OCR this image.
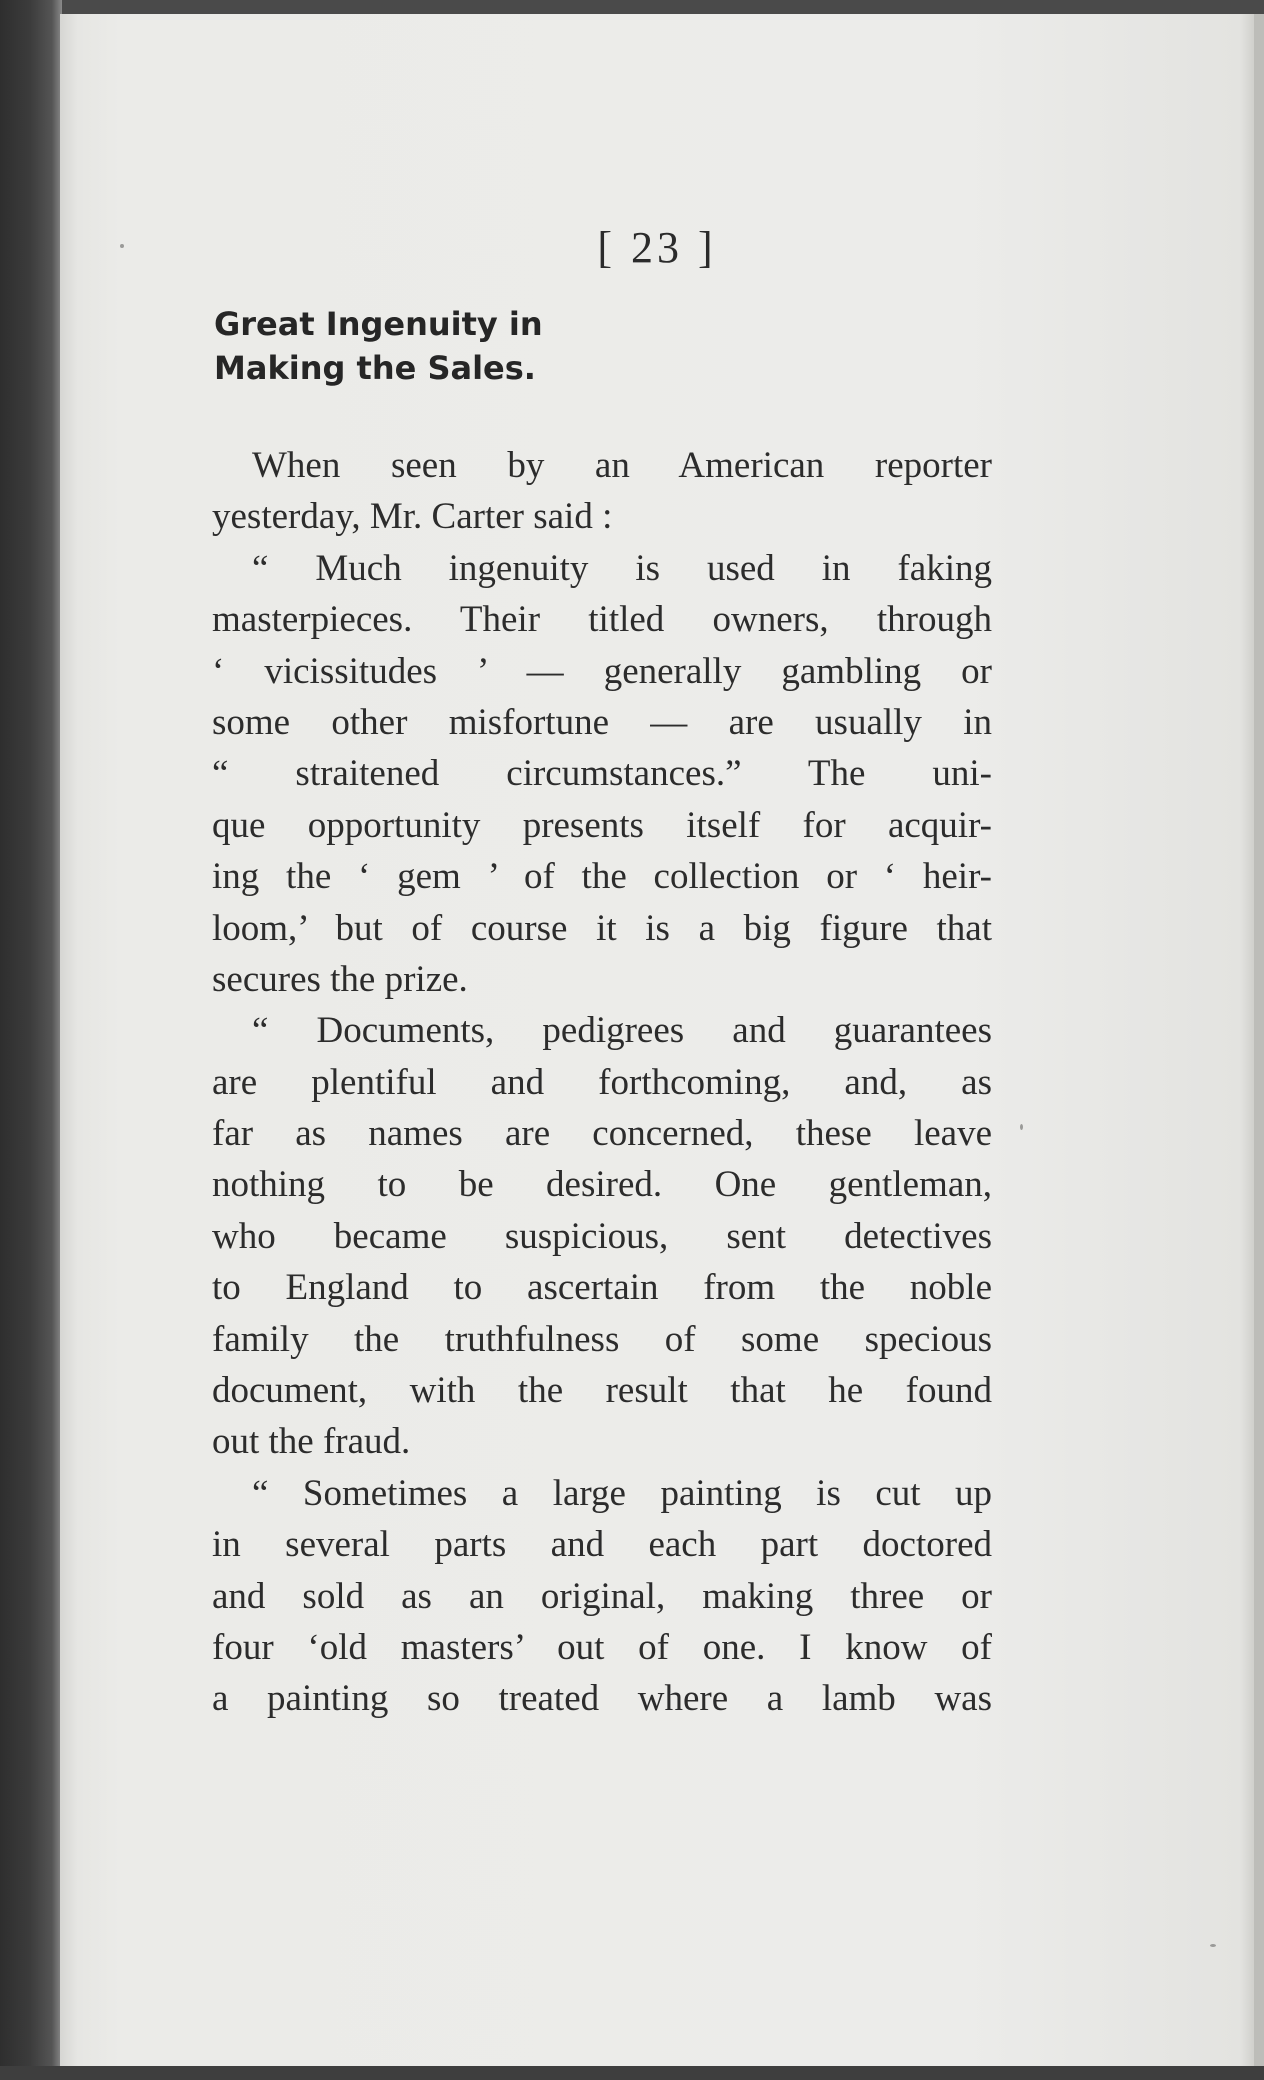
[ 23 ]
Great Ingenuity in
Making the Sales.
When seen by an American reporter
yesterday, Mr. Carter said :
“ Much ingenuity is used in faking
masterpieces. Their titled owners, through
‘ vicissitudes ’ — generally gambling or
some other misfortune — are usually in
“ straitened circumstances.” The uni-
que opportunity presents itself for acquir-
ing the ‘ gem ’ of the collection or ‘ heir-
loom,’ but of course it is a big figure that
secures the prize.
“ Documents, pedigrees and guarantees
are plentiful and forthcoming, and, as
far as names are concerned, these leave
nothing to be desired. One gentleman,
who became suspicious, sent detectives
to England to ascertain from the noble
family the truthfulness of some specious
document, with the result that he found
out the fraud.
“ Sometimes a large painting is cut up
in several parts and each part doctored
and sold as an original, making three or
four ‘old masters’ out of one. I know of
a painting so treated where a lamb was
